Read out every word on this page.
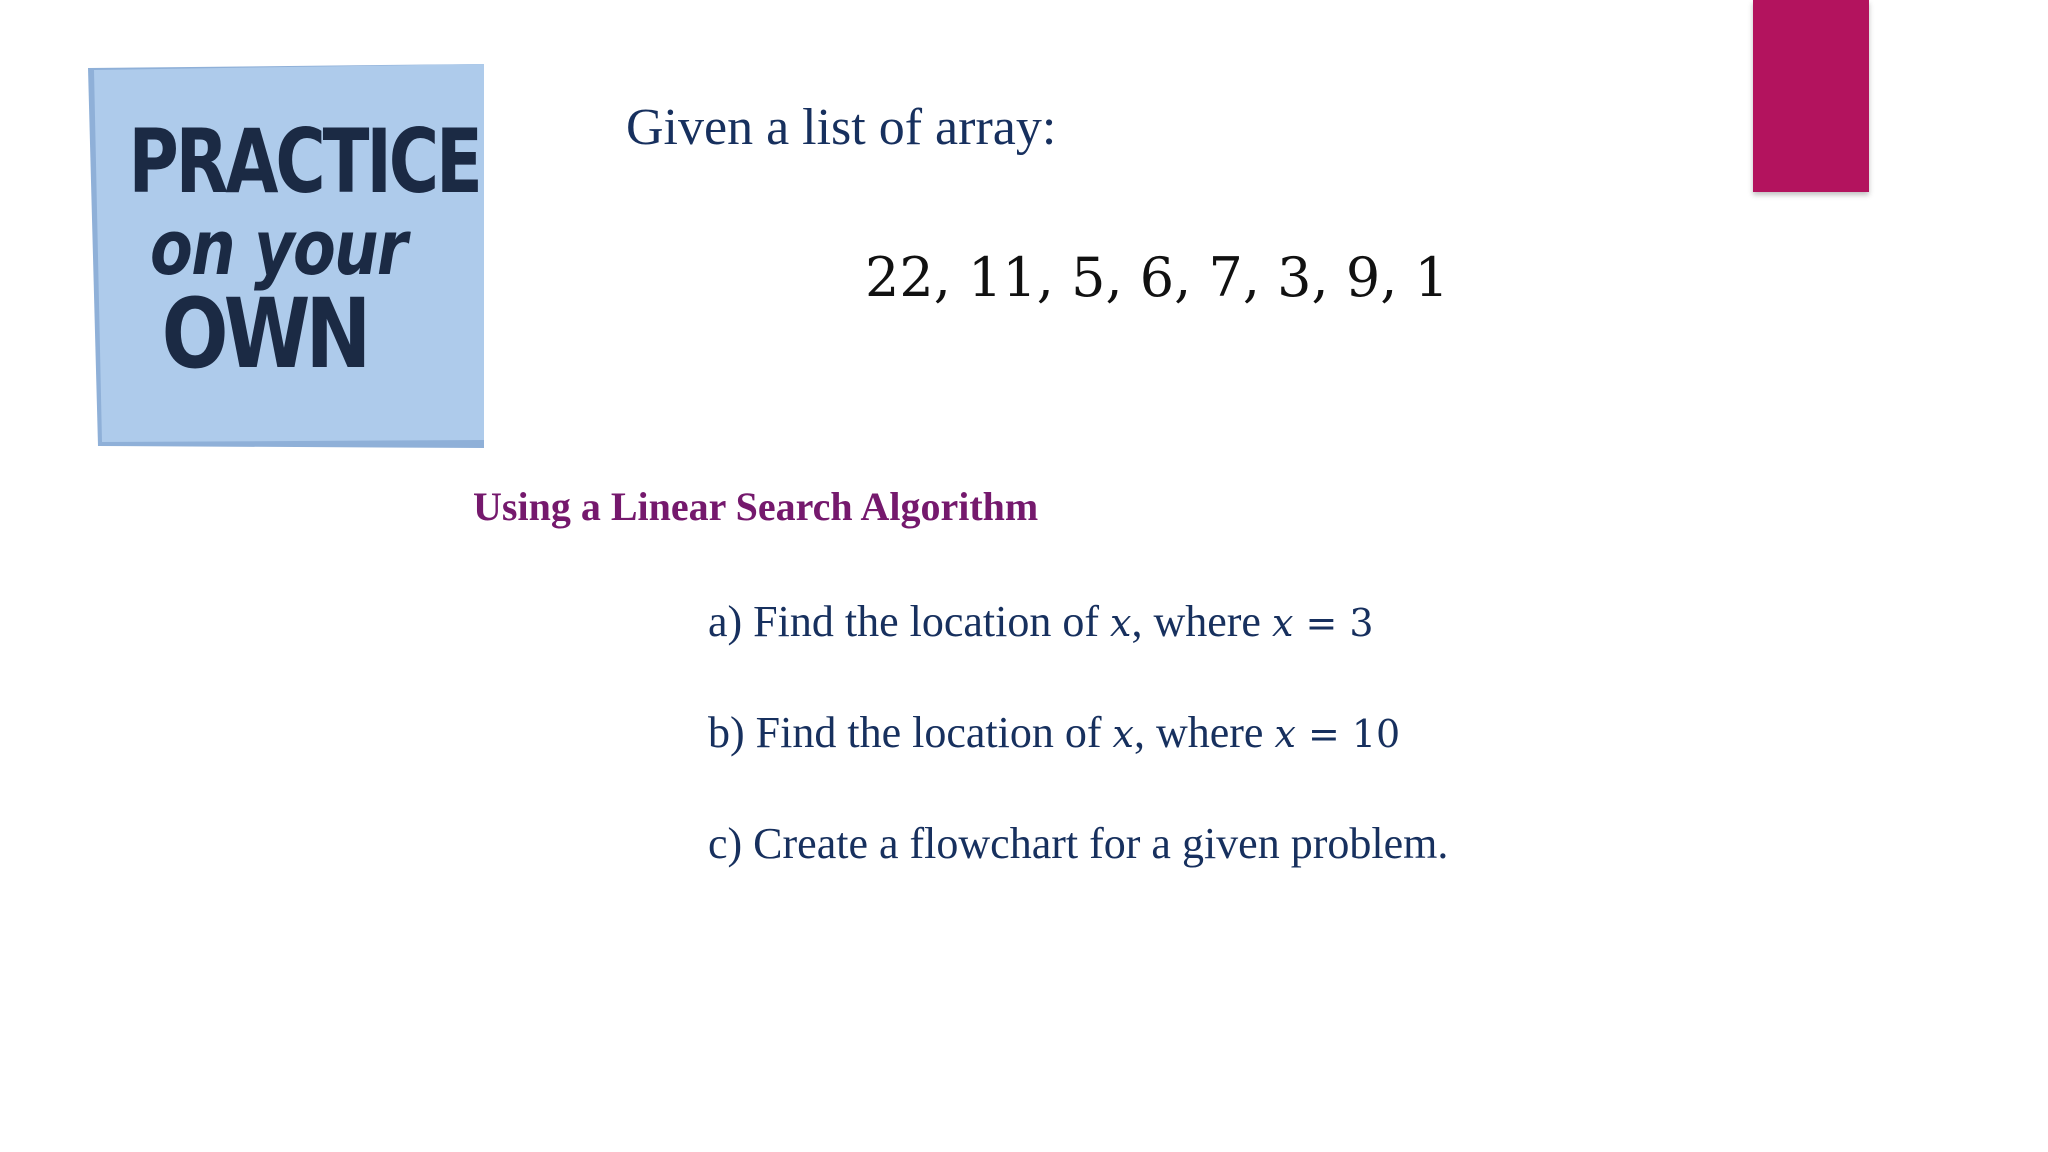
PRACTICE
on your
OWN
Given a list of array:
22, 11, 5, 6, 7, 3, 9, 1
Using a Linear Search Algorithm
a) Find the location of x, where x = 3
b) Find the location of x, where x = 10
c) Create a flowchart for a given problem.
